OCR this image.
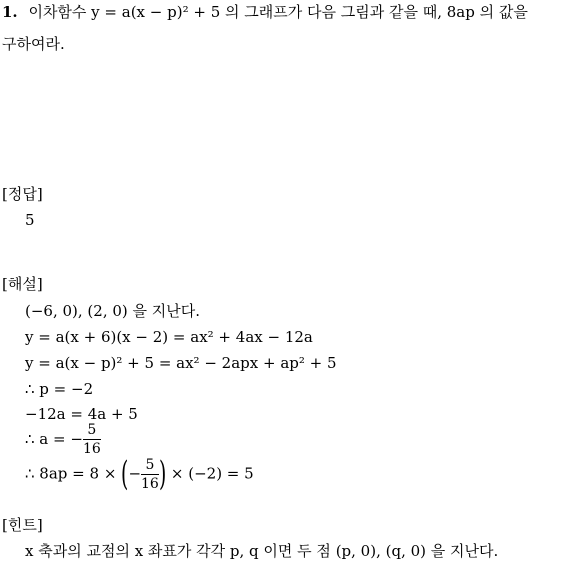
1. 이차함수 y = a(x − p)² + 5 의 그래프가 다음 그림과 같을 때, 8ap 의 값을
구하여라.
[정답]
5
[해설]
(−6, 0), (2, 0) 을 지난다.
y = a(x + 6)(x − 2) = ax² + 4ax − 12a
y = a(x − p)² + 5 = ax² − 2apx + ap² + 5
∴ p = −2
−12a = 4a + 5
∴ a = − $\frac{5}{16}$
∴ 8ap = 8 × (− $\frac{5}{16}$ ) × (−2) = 5
[힌트]
x 축과의 교점의 x 좌표가 각각 p, q 이면 두 점 (p, 0), (q, 0) 을 지난다.
